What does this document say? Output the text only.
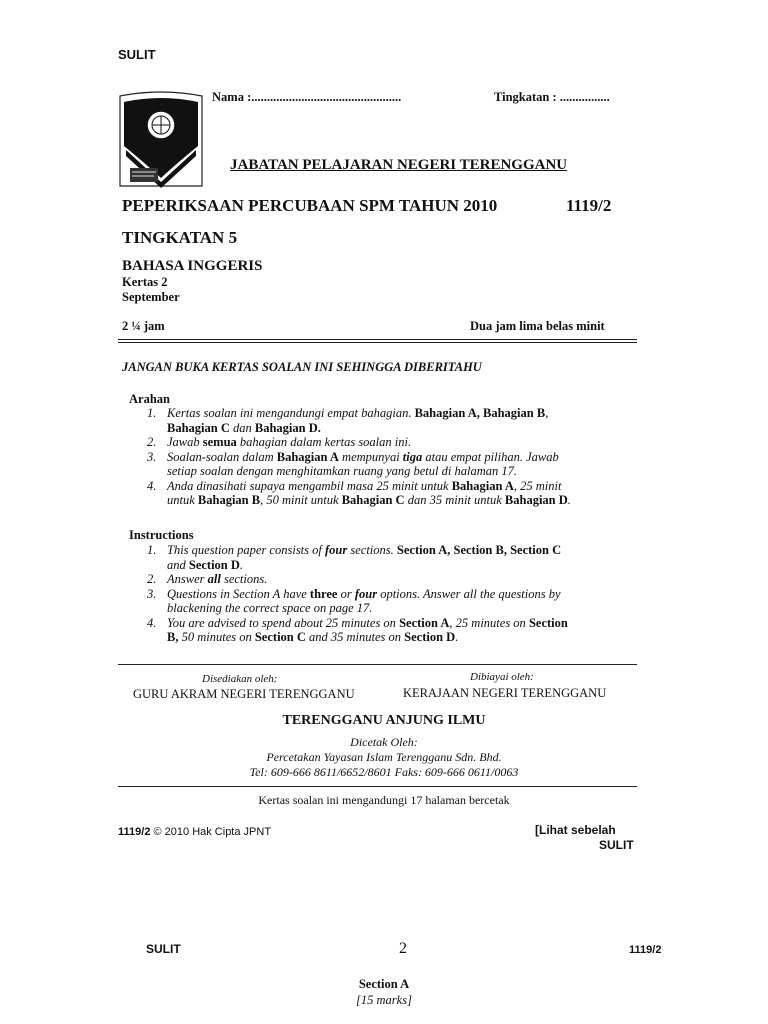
SULIT
Nama :................................................	Tingkatan : ................
JABATAN PELAJARAN NEGERI TERENGGANU
PEPERIKSAAN PERCUBAAN SPM TAHUN 2010	1119/2
TINGKATAN 5
BAHASA INGGERIS
Kertas 2
September
2 ¼ jam	Dua jam lima belas minit
JANGAN BUKA KERTAS SOALAN INI SEHINGGA DIBERITAHU
Arahan
1. Kertas soalan ini mengandungi empat bahagian. Bahagian A, Bahagian B,
Bahagian C dan Bahagian D.
2. Jawab semua bahagian dalam kertas soalan ini.
3. Soalan-soalan dalam Bahagian A mempunyai tiga atau empat pilihan. Jawab
setiap soalan dengan menghitamkan ruang yang betul di halaman 17.
4. Anda dinasihati supaya mengambil masa 25 minit untuk Bahagian A, 25 minit
untuk Bahagian B, 50 minit untuk Bahagian C dan 35 minit untuk Bahagian D.
Instructions
1. This question paper consists of four sections. Section A, Section B, Section C
and Section D.
2. Answer all sections.
3. Questions in Section A have three or four options. Answer all the questions by
blackening the correct space on page 17.
4. You are advised to spend about 25 minutes on Section A, 25 minutes on Section
B, 50 minutes on Section C and 35 minutes on Section D.
Disediakan oleh:
GURU AKRAM NEGERI TERENGGANU
Dibiayai oleh:
KERAJAAN NEGERI TERENGGANU
TERENGGANU ANJUNG ILMU
Dicetak Oleh:
Percetakan Yayasan Islam Terengganu Sdn. Bhd.
Tel: 609-666 8611/6652/8601 Faks: 609-666 0611/0063
Kertas soalan ini mengandungi 17 halaman bercetak
1119/2 © 2010 Hak Cipta JPNT	[Lihat sebelah
SULIT
SULIT	2	1119/2
Section A
[15 marks]
